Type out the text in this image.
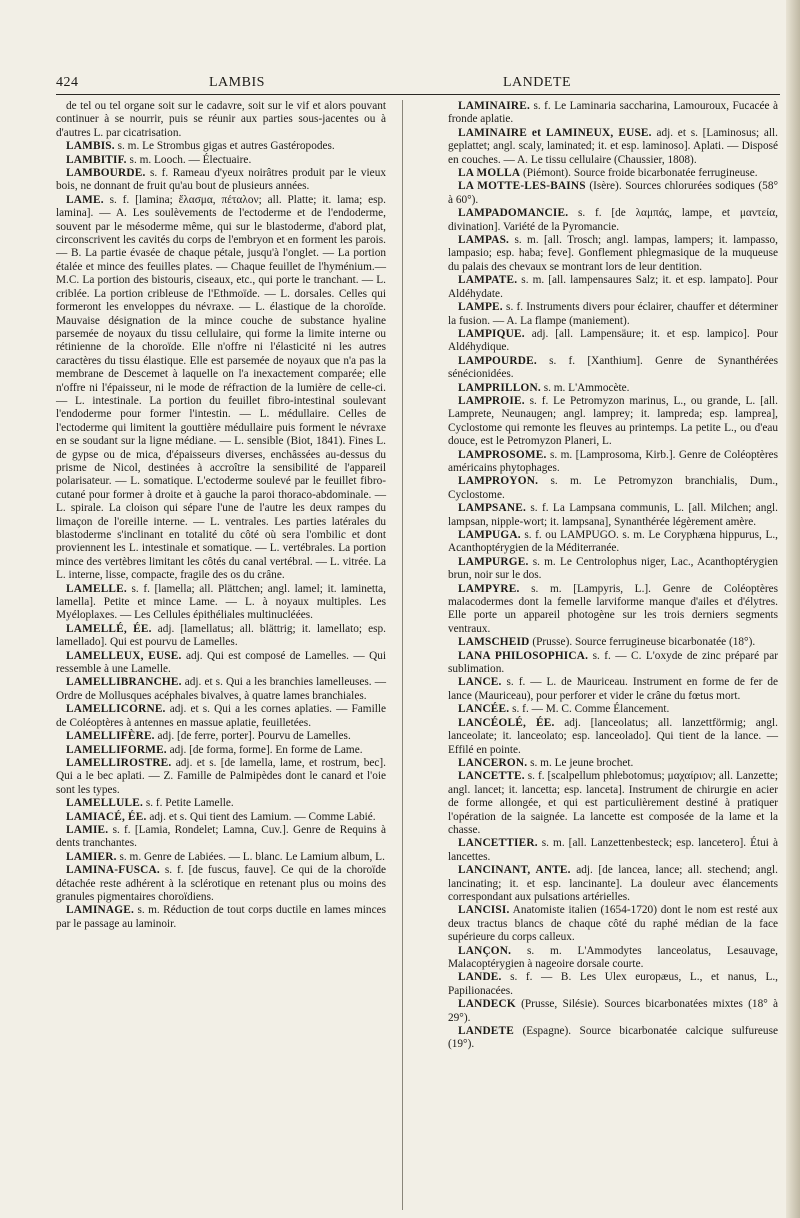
424	LAMBIS	LANDETE

de tel ou tel organe soit sur le cadavre, soit sur le vif et alors pouvant continuer à se nourrir, puis se réunir aux parties sous-jacentes ou à d'autres L. par cicatrisation.

LAMBIS. s. m. Le Strombus gigas et autres Gastéropodes.

LAMBITIF. s. m. Looch. — Électuaire.

LAMBOURDE. s. f. Rameau d'yeux noirâtres produit par le vieux bois, ne donnant de fruit qu'au bout de plusieurs années.

LAME. s. f. [lamina; ἔλασμα, πέταλον; all. Platte; it. lama; esp. lamina]. — A. Les soulèvements de l'ectoderme et de l'endoderme, souvent par le mésoderme même, qui sur le blastoderme, d'abord plat, circonscrivent les cavités du corps de l'embryon et en forment les parois. — B. La partie évasée de chaque pétale, jusqu'à l'onglet. — La portion étalée et mince des feuilles plates. — Chaque feuillet de l'hyménium.—M.C. La portion des bistouris, ciseaux, etc., qui porte le tranchant. — L. criblée. La portion cribleuse de l'Ethmoïde. — L. dorsales. Celles qui formeront les enveloppes du névraxe. — L. élastique de la choroïde. Mauvaise désignation de la mince couche de substance hyaline parsemée de noyaux du tissu cellulaire, qui forme la limite interne ou rétinienne de la choroïde. Elle n'offre ni l'élasticité ni les autres caractères du tissu élastique. Elle est parsemée de noyaux que n'a pas la membrane de Descemet à laquelle on l'a inexactement comparée; elle n'offre ni l'épaisseur, ni le mode de réfraction de la lumière de celle-ci. — L. intestinale. La portion du feuillet fibro-intestinal soulevant l'endoderme pour former l'intestin. — L. médullaire. Celles de l'ectoderme qui limitent la gouttière médullaire puis forment le névraxe en se soudant sur la ligne médiane. — L. sensible (Biot, 1841). Fines L. de gypse ou de mica, d'épaisseurs diverses, enchâssées au-dessus du prisme de Nicol, destinées à accroître la sensibilité de l'appareil polarisateur. — L. somatique. L'ectoderme soulevé par le feuillet fibro-cutané pour former à droite et à gauche la paroi thoraco-abdominale. — L. spirale. La cloison qui sépare l'une de l'autre les deux rampes du limaçon de l'oreille interne. — L. ventrales. Les parties latérales du blastoderme s'inclinant en totalité du côté où sera l'ombilic et dont proviennent les L. intestinale et somatique. — L. vertébrales. La portion mince des vertèbres limitant les côtés du canal vertébral. — L. vitrée. La L. interne, lisse, compacte, fragile des os du crâne.

LAMELLE. s. f. [lamella; all. Plättchen; angl. lamel; it. laminetta, lamella]. Petite et mince Lame. — L. à noyaux multiples. Les Myéloplaxes. — Les Cellules épithéliales multinucléées.

LAMELLÉ, ÉE. adj. [lamellatus; all. blättrig; it. lamellato; esp. lamellado]. Qui est pourvu de Lamelles.

LAMELLEUX, EUSE. adj. Qui est composé de Lamelles. — Qui ressemble à une Lamelle.

LAMELLIBRANCHE. adj. et s. Qui a les branchies lamelleuses. — Ordre de Mollusques acéphales bivalves, à quatre lames branchiales.

LAMELLICORNE. adj. et s. Qui a les cornes aplaties. — Famille de Coléoptères à antennes en massue aplatie, feuilletées.

LAMELLIFÈRE. adj. [de ferre, porter]. Pourvu de Lamelles.

LAMELLIFORME. adj. [de forma, forme]. En forme de Lame.

LAMELLIROSTRE. adj. et s. [de lamella, lame, et rostrum, bec]. Qui a le bec aplati. — Z. Famille de Palmipèdes dont le canard et l'oie sont les types.

LAMELLULE. s. f. Petite Lamelle.

LAMIACÉ, ÉE. adj. et s. Qui tient des Lamium. — Comme Labié.

LAMIE. s. f. [Lamia, Rondelet; Lamna, Cuv.]. Genre de Requins à dents tranchantes.

LAMIER. s. m. Genre de Labiées. — L. blanc. Le Lamium album, L.

LAMINA-FUSCA. s. f. [de fuscus, fauve]. Ce qui de la choroïde détachée reste adhérent à la sclérotique en retenant plus ou moins des granules pigmentaires choroïdiens.

LAMINAGE. s. m. Réduction de tout corps ductile en lames minces par le passage au laminoir.

LAMINAIRE. s. f. Le Laminaria saccharina, Lamouroux, Fucacée à fronde aplatie.

LAMINAIRE et LAMINEUX, EUSE. adj. et s. [Laminosus; all. geplattet; angl. scaly, laminated; it. et esp. laminoso]. Aplati. — Disposé en couches. — A. Le tissu cellulaire (Chaussier, 1808).

LA MOLLA (Piémont). Source froide bicarbonatée ferrugineuse.

LA MOTTE-LES-BAINS (Isère). Sources chlorurées sodiques (58° à 60°).

LAMPADOMANCIE. s. f. [de λαμπάς, lampe, et μαντεία, divination]. Variété de la Pyromancie.

LAMPAS. s. m. [all. Trosch; angl. lampas, lampers; it. lampasso, lampasio; esp. haba; feve]. Gonflement phlegmasique de la muqueuse du palais des chevaux se montrant lors de leur dentition.

LAMPATE. s. m. [all. lampensaures Salz; it. et esp. lampato]. Pour Aldéhydate.

LAMPE. s. f. Instruments divers pour éclairer, chauffer et déterminer la fusion. — A. La flampe (maniement).

LAMPIQUE. adj. [all. Lampensäure; it. et esp. lampico]. Pour Aldéhydique.

LAMPOURDE. s. f. [Xanthium]. Genre de Synanthérées sénécionidées.

LAMPRILLON. s. m. L'Ammocète.

LAMPROIE. s. f. Le Petromyzon marinus, L., ou grande, L. [all. Lamprete, Neunaugen; angl. lamprey; it. lampreda; esp. lamprea], Cyclostome qui remonte les fleuves au printemps. La petite L., ou d'eau douce, est le Petromyzon Planeri, L.

LAMPROSOME. s. m. [Lamprosoma, Kirb.]. Genre de Coléoptères américains phytophages.

LAMPROYON. s. m. Le Petromyzon branchialis, Dum., Cyclostome.

LAMPSANE. s. f. La Lampsana communis, L. [all. Milchen; angl. lampsan, nipple-wort; it. lampsana], Synanthérée légèrement amère.

LAMPUGA. s. f. ou LAMPUGO. s. m. Le Coryphæna hippurus, L., Acanthoptérygien de la Méditerranée.

LAMPURGE. s. m. Le Centrolophus niger, Lac., Acanthoptérygien brun, noir sur le dos.

LAMPYRE. s. m. [Lampyris, L.]. Genre de Coléoptères malacodermes dont la femelle larviforme manque d'ailes et d'élytres. Elle porte un appareil photogène sur les trois derniers segments ventraux.

LAMSCHEID (Prusse). Source ferrugineuse bicarbonatée (18°).

LANA PHILOSOPHICA. s. f. — C. L'oxyde de zinc préparé par sublimation.

LANCE. s. f. — L. de Mauriceau. Instrument en forme de fer de lance (Mauriceau), pour perforer et vider le crâne du fœtus mort.

LANCÉE. s. f. — M. C. Comme Élancement.

LANCÉOLÉ, ÉE. adj. [lanceolatus; all. lanzettförmig; angl. lanceolate; it. lanceolato; esp. lanceolado]. Qui tient de la lance. — Effilé en pointe.

LANCERON. s. m. Le jeune brochet.

LANCETTE. s. f. [scalpellum phlebotomus; μαχαίριον; all. Lanzette; angl. lancet; it. lancetta; esp. lanceta]. Instrument de chirurgie en acier de forme allongée, et qui est particulièrement destiné à pratiquer l'opération de la saignée. La lancette est composée de la lame et la chasse.

LANCETTIER. s. m. [all. Lanzettenbesteck; esp. lancetero]. Étui à lancettes.

LANCINANT, ANTE. adj. [de lancea, lance; all. stechend; angl. lancinating; it. et esp. lancinante]. La douleur avec élancements correspondant aux pulsations artérielles.

LANCISI. Anatomiste italien (1654-1720) dont le nom est resté aux deux tractus blancs de chaque côté du raphé médian de la face supérieure du corps calleux.

LANÇON. s. m. L'Ammodytes lanceolatus, Lesauvage, Malacoptérygien à nageoire dorsale courte.

LANDE. s. f. — B. Les Ulex europæus, L., et nanus, L., Papilionacées.

LANDECK (Prusse, Silésie). Sources bicarbonatées mixtes (18° à 29°).

LANDETE (Espagne). Source bicarbonatée calcique sulfureuse (19°).
